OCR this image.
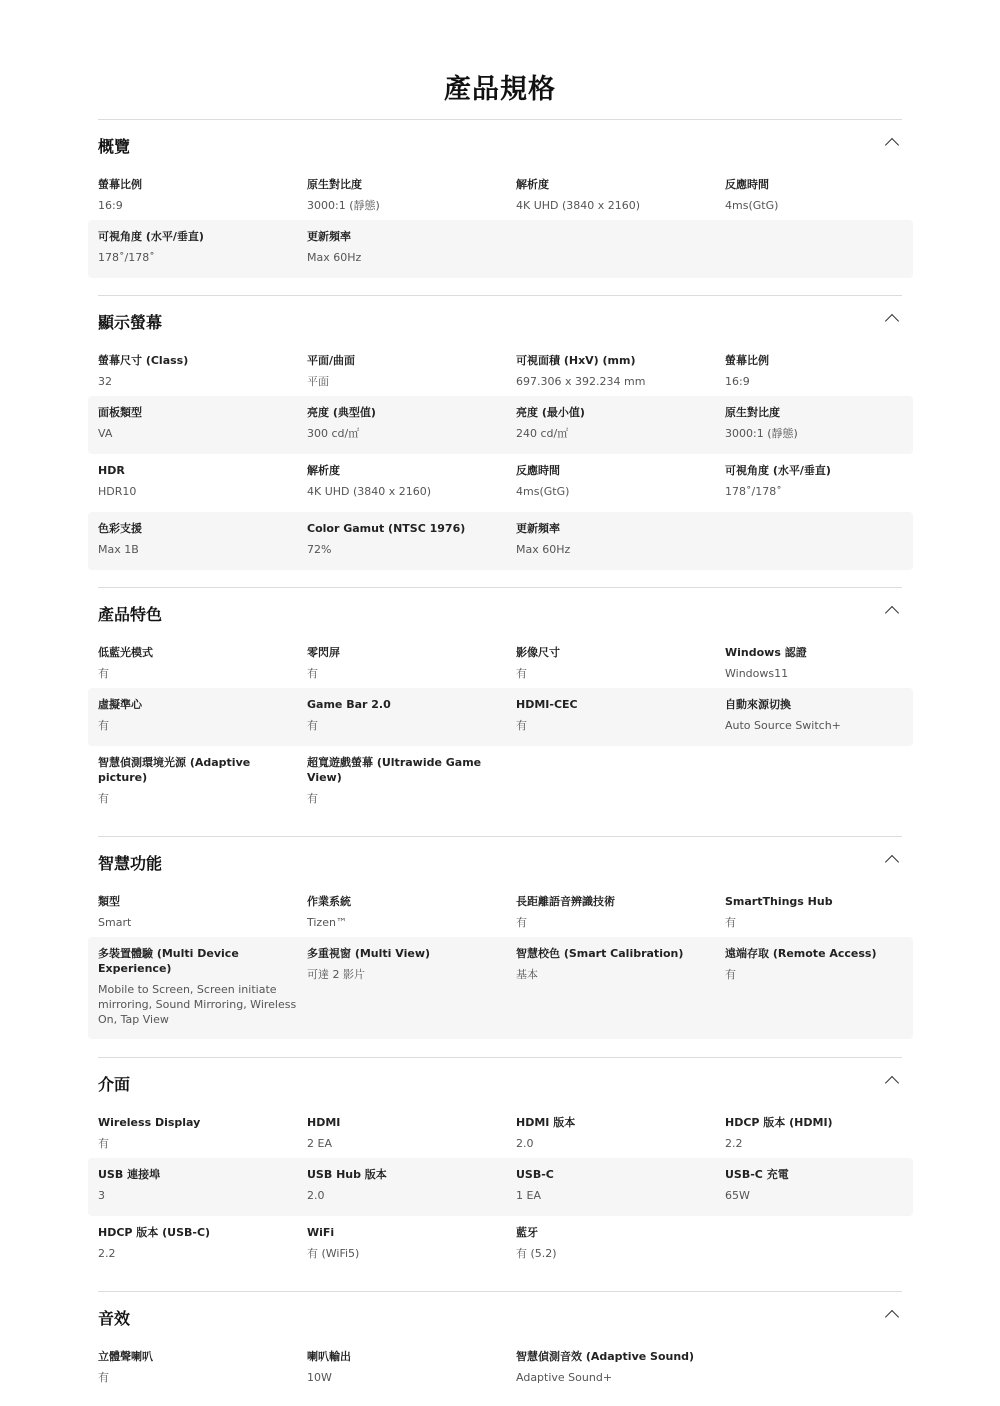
產品規格
概覽
螢幕比例
16:9
原生對比度
3000:1 (靜態)
解析度
4K UHD (3840 x 2160)
反應時間
4ms(GtG)
可視角度 (水平/垂直)
178˚/178˚
更新頻率
Max 60Hz
顯示螢幕
螢幕尺寸 (Class)
32
平面/曲面
平面
可視面積 (HxV) (mm)
697.306 x 392.234 mm
螢幕比例
16:9
面板類型
VA
亮度 (典型值)
300 cd/㎡
亮度 (最小值)
240 cd/㎡
原生對比度
3000:1 (靜態)
HDR
HDR10
解析度
4K UHD (3840 x 2160)
反應時間
4ms(GtG)
可視角度 (水平/垂直)
178˚/178˚
色彩支援
Max 1B
Color Gamut (NTSC 1976)
72%
更新頻率
Max 60Hz
產品特色
低藍光模式
有
零閃屏
有
影像尺寸
有
Windows 認證
Windows11
虛擬準心
有
Game Bar 2.0
有
HDMI-CEC
有
自動來源切換
Auto Source Switch+
智慧偵測環境光源 (Adaptive picture)
有
超寬遊戲螢幕 (Ultrawide Game View)
有
智慧功能
類型
Smart
作業系統
Tizen™
長距離語音辨識技術
有
SmartThings Hub
有
多裝置體驗 (Multi Device Experience)
Mobile to Screen, Screen initiate mirroring, Sound Mirroring, Wireless On, Tap View
多重視窗 (Multi View)
可達 2 影片
智慧校色 (Smart Calibration)
基本
遠端存取 (Remote Access)
有
介面
Wireless Display
有
HDMI
2 EA
HDMI 版本
2.0
HDCP 版本 (HDMI)
2.2
USB 連接埠
3
USB Hub 版本
2.0
USB-C
1 EA
USB-C 充電
65W
HDCP 版本 (USB-C)
2.2
WiFi
有 (WiFi5)
藍牙
有 (5.2)
音效
立體聲喇叭
有
喇叭輸出
10W
智慧偵測音效 (Adaptive Sound)
Adaptive Sound+
